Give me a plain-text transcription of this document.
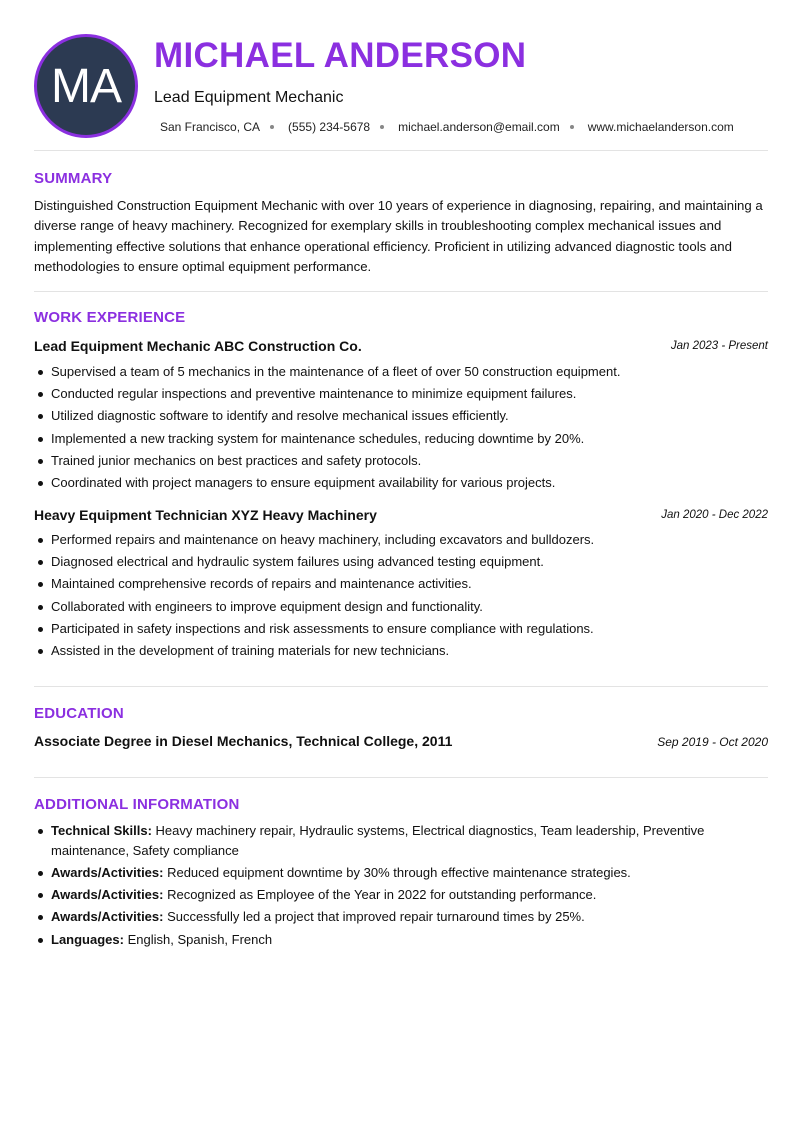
MA
MICHAEL ANDERSON
Lead Equipment Mechanic
San Francisco, CA (555) 234-5678 michael.anderson@email.com www.michaelanderson.com
SUMMARY

Distinguished Construction Equipment Mechanic with over 10 years of experience in diagnosing, repairing, and maintaining a diverse range of heavy machinery. Recognized for exemplary skills in troubleshooting complex mechanical issues and implementing effective solutions that enhance operational efficiency. Proficient in utilizing advanced diagnostic tools and methodologies to ensure optimal equipment performance.

WORK EXPERIENCE
Lead Equipment Mechanic ABC Construction Co.	Jan 2023 - Present
Supervised a team of 5 mechanics in the maintenance of a fleet of over 50 construction equipment.
Conducted regular inspections and preventive maintenance to minimize equipment failures.
Utilized diagnostic software to identify and resolve mechanical issues efficiently.
Implemented a new tracking system for maintenance schedules, reducing downtime by 20%.
Trained junior mechanics on best practices and safety protocols.
Coordinated with project managers to ensure equipment availability for various projects.
Heavy Equipment Technician XYZ Heavy Machinery	Jan 2020 - Dec 2022
Performed repairs and maintenance on heavy machinery, including excavators and bulldozers.
Diagnosed electrical and hydraulic system failures using advanced testing equipment.
Maintained comprehensive records of repairs and maintenance activities.
Collaborated with engineers to improve equipment design and functionality.
Participated in safety inspections and risk assessments to ensure compliance with regulations.
Assisted in the development of training materials for new technicians.
EDUCATION
Associate Degree in Diesel Mechanics, Technical College, 2011	Sep 2019 - Oct 2020
ADDITIONAL INFORMATION
Technical Skills: Heavy machinery repair, Hydraulic systems, Electrical diagnostics, Team leadership, Preventive maintenance, Safety compliance
Awards/Activities: Reduced equipment downtime by 30% through effective maintenance strategies.
Awards/Activities: Recognized as Employee of the Year in 2022 for outstanding performance.
Awards/Activities: Successfully led a project that improved repair turnaround times by 25%.
Languages: English, Spanish, French
